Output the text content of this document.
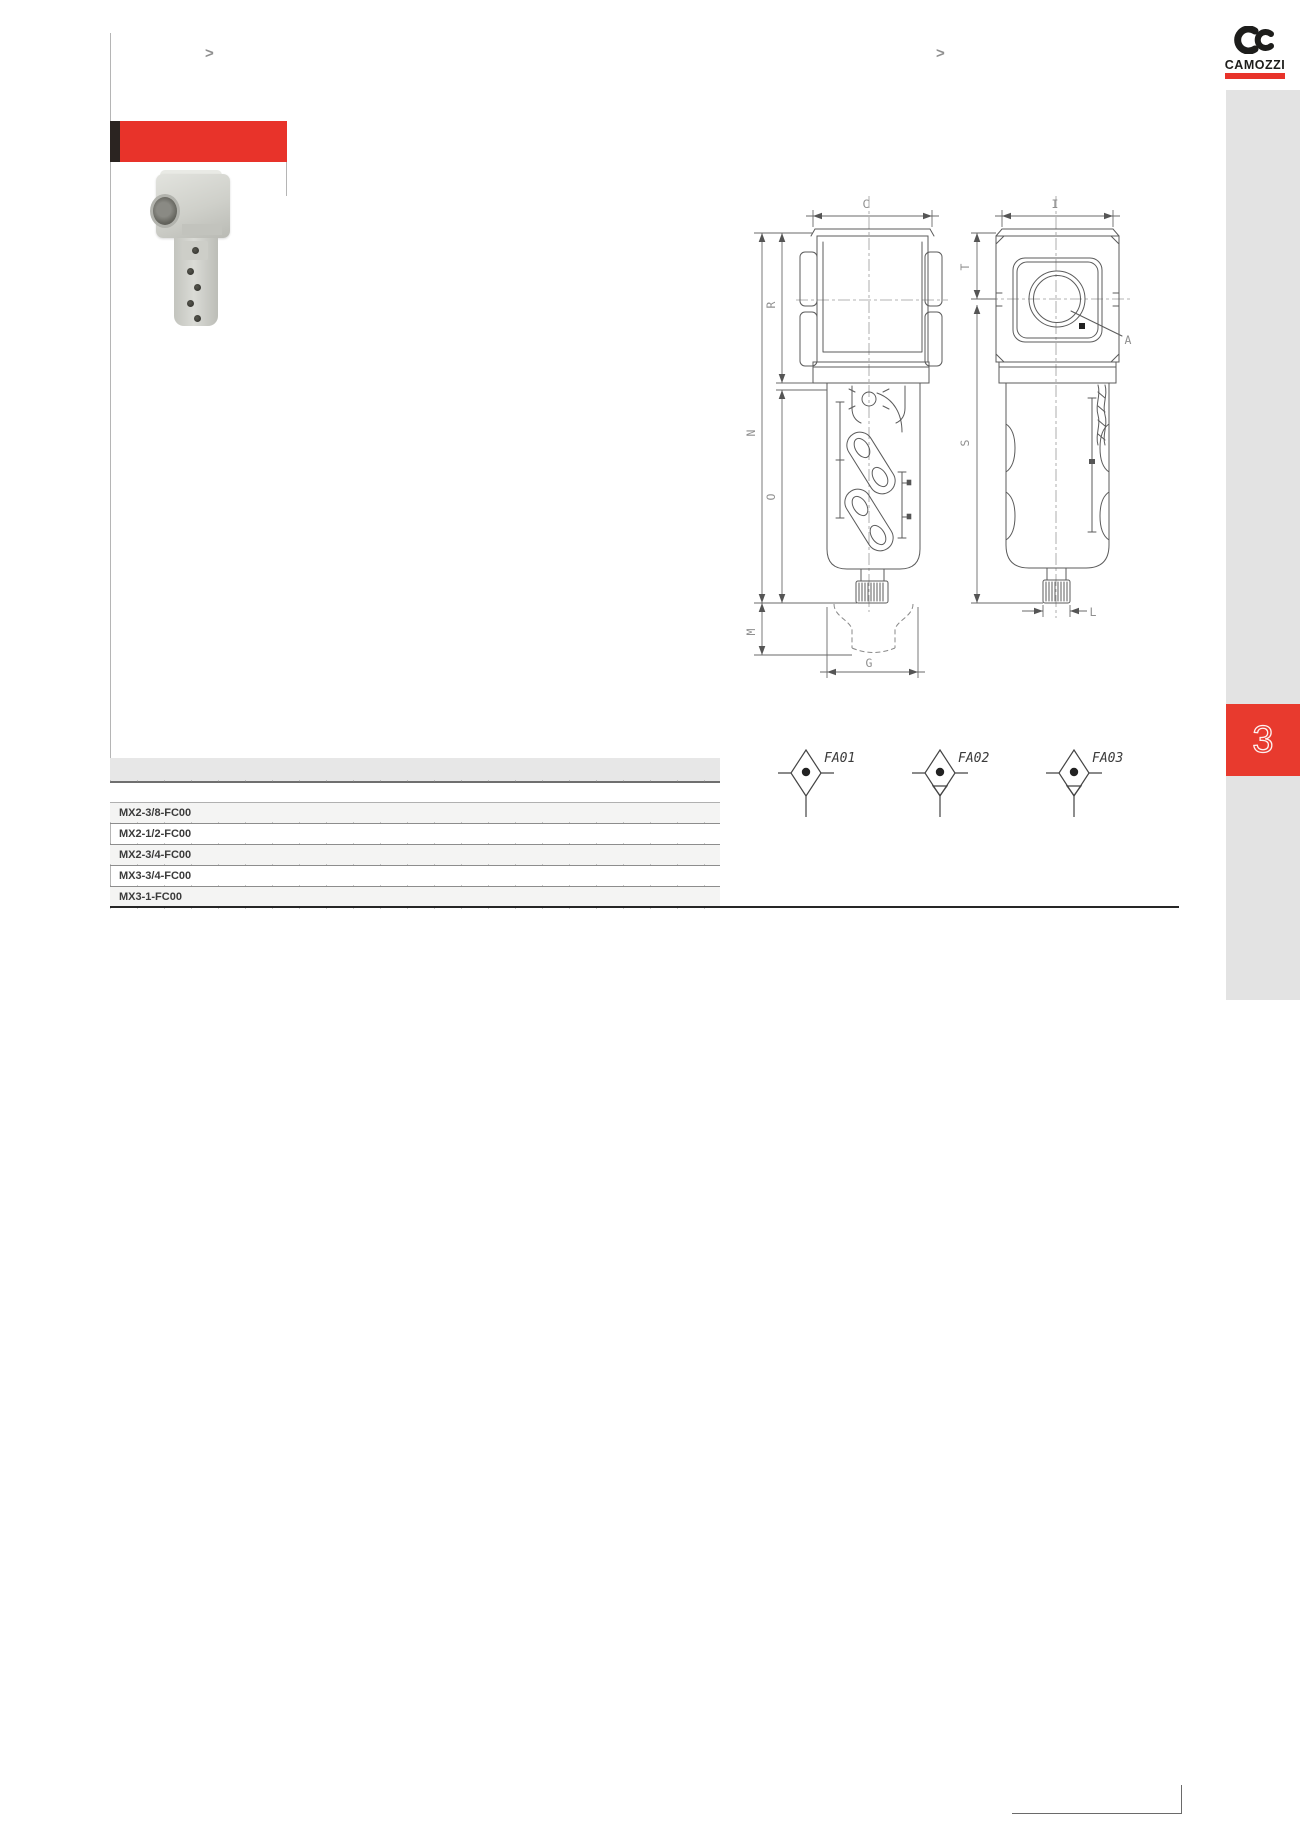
>	>
CAMOZZI
3
C
R
N
O
M
G
I
T
S
A
L
FA01	FA02	FA03
MX2-3/8-FC00
MX2-1/2-FC00
MX2-3/4-FC00
MX3-3/4-FC00
MX3-1-FC00
